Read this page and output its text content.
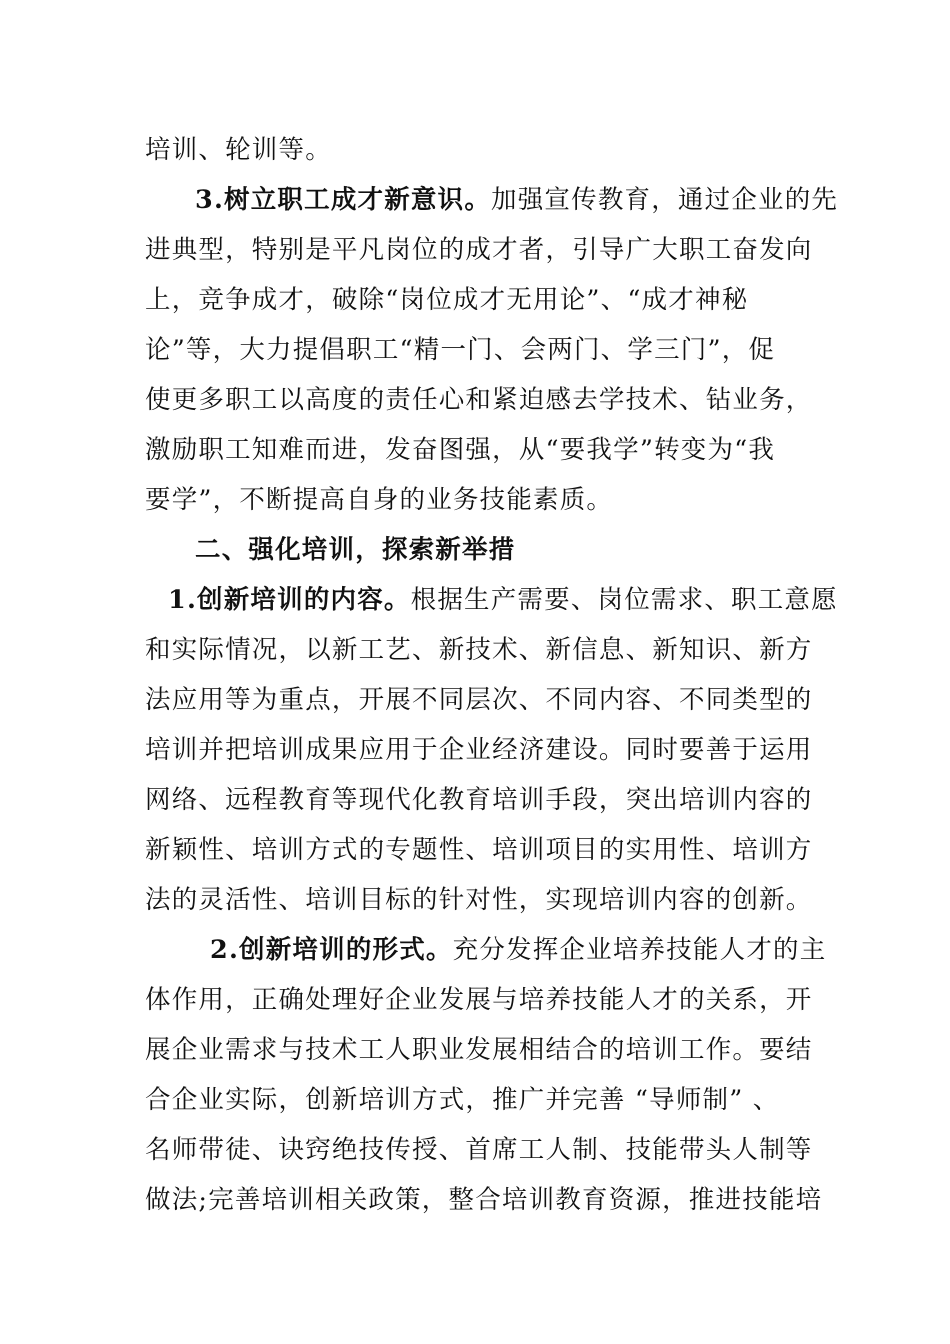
培训、轮训等。
3.树立职工成才新意识。加强宣传教育，通过企业的先
进典型，特别是平凡岗位的成才者，引导广大职工奋发向
上，竞争成才，破除“岗位成才无用论”、“成才神秘
论”等，大力提倡职工“精一门、会两门、学三门”，促
使更多职工以高度的责任心和紧迫感去学技术、钻业务，
激励职工知难而进，发奋图强，从“要我学”转变为“我
要学”，不断提高自身的业务技能素质。
二、强化培训，探索新举措
1.创新培训的内容。根据生产需要、岗位需求、职工意愿
和实际情况，以新工艺、新技术、新信息、新知识、新方
法应用等为重点，开展不同层次、不同内容、不同类型的
培训并把培训成果应用于企业经济建设。同时要善于运用
网络、远程教育等现代化教育培训手段，突出培训内容的
新颖性、培训方式的专题性、培训项目的实用性、培训方
法的灵活性、培训目标的针对性，实现培训内容的创新。
2.创新培训的形式。充分发挥企业培养技能人才的主
体作用，正确处理好企业发展与培养技能人才的关系，开
展企业需求与技术工人职业发展相结合的培训工作。要结
合企业实际，创新培训方式，推广并完善 “导师制” 、
名师带徒、诀窍绝技传授、首席工人制、技能带头人制等
做法;完善培训相关政策，整合培训教育资源，推进技能培
